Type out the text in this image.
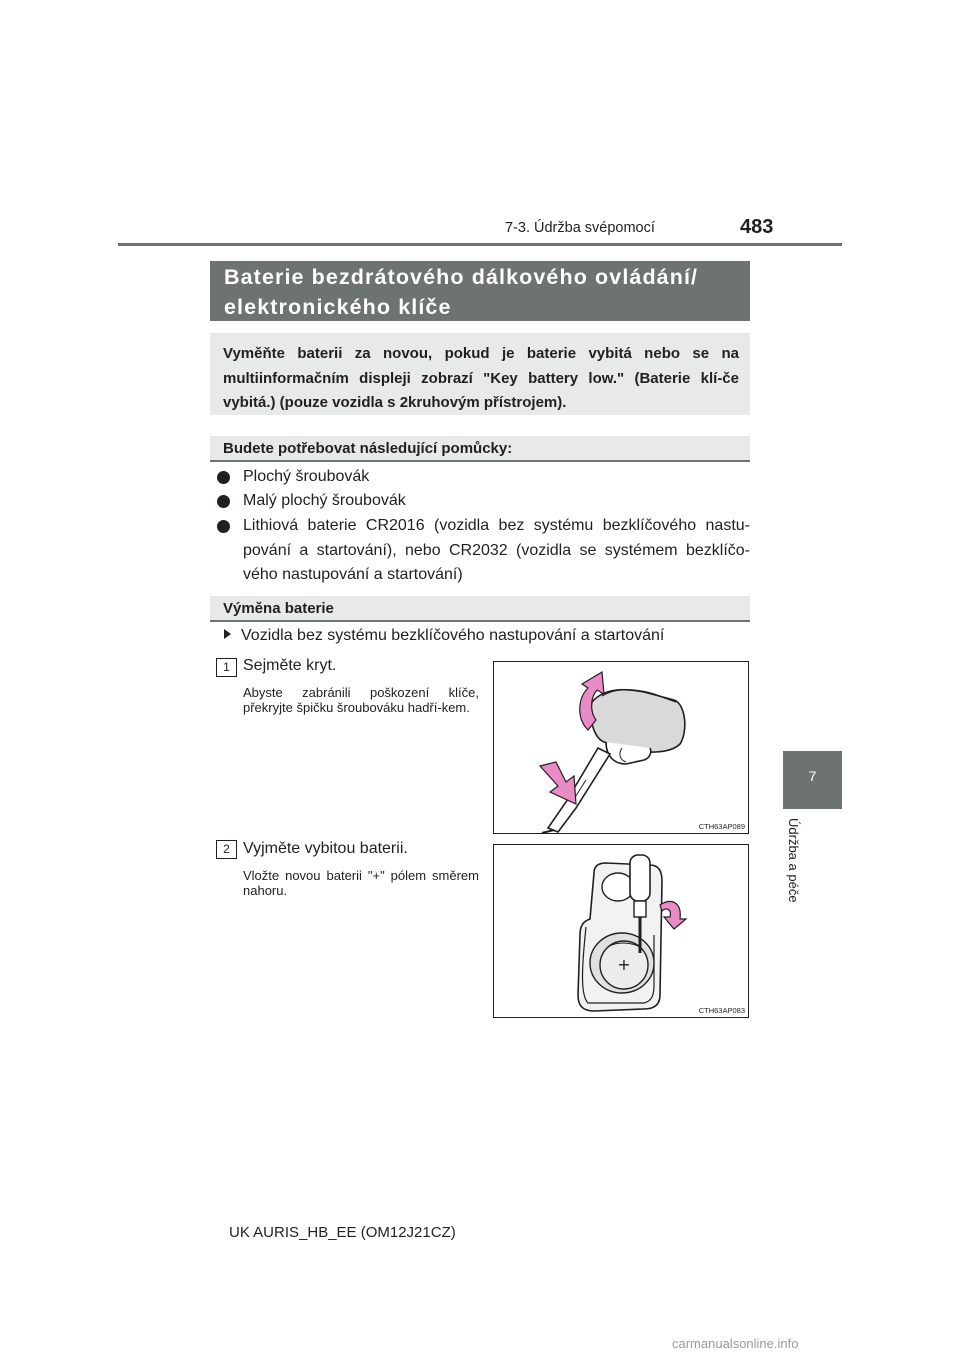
7-3. Údržba svépomocí	483
7
Údržba a péče
Baterie bezdrátového dálkového ovládání/
elektronického klíče
Vyměňte baterii za novou, pokud je baterie vybitá nebo se na multiinformačním displeji zobrazí "Key battery low." (Baterie klí-če vybitá.) (pouze vozidla s 2kruhovým přístrojem).
Budete potřebovat následující pomůcky:
Plochý šroubovák
Malý plochý šroubovák
Lithiová baterie CR2016 (vozidla bez systému bezklíčového nastu-pování a startování), nebo CR2032 (vozidla se systémem bezklíčo-vého nastupování a startování)
Výměna baterie
Vozidla bez systému bezklíčového nastupování a startování
1 Sejměte kryt.
Abyste zabránili poškození klíče, překryjte špičku šroubováku hadří-kem.
CTH63AP089
2 Vyjměte vybitou baterii.
Vložte novou baterii "+" pólem směrem nahoru.
+
CTH63AP083
UK AURIS_HB_EE (OM12J21CZ)
carmanualsonline.info
